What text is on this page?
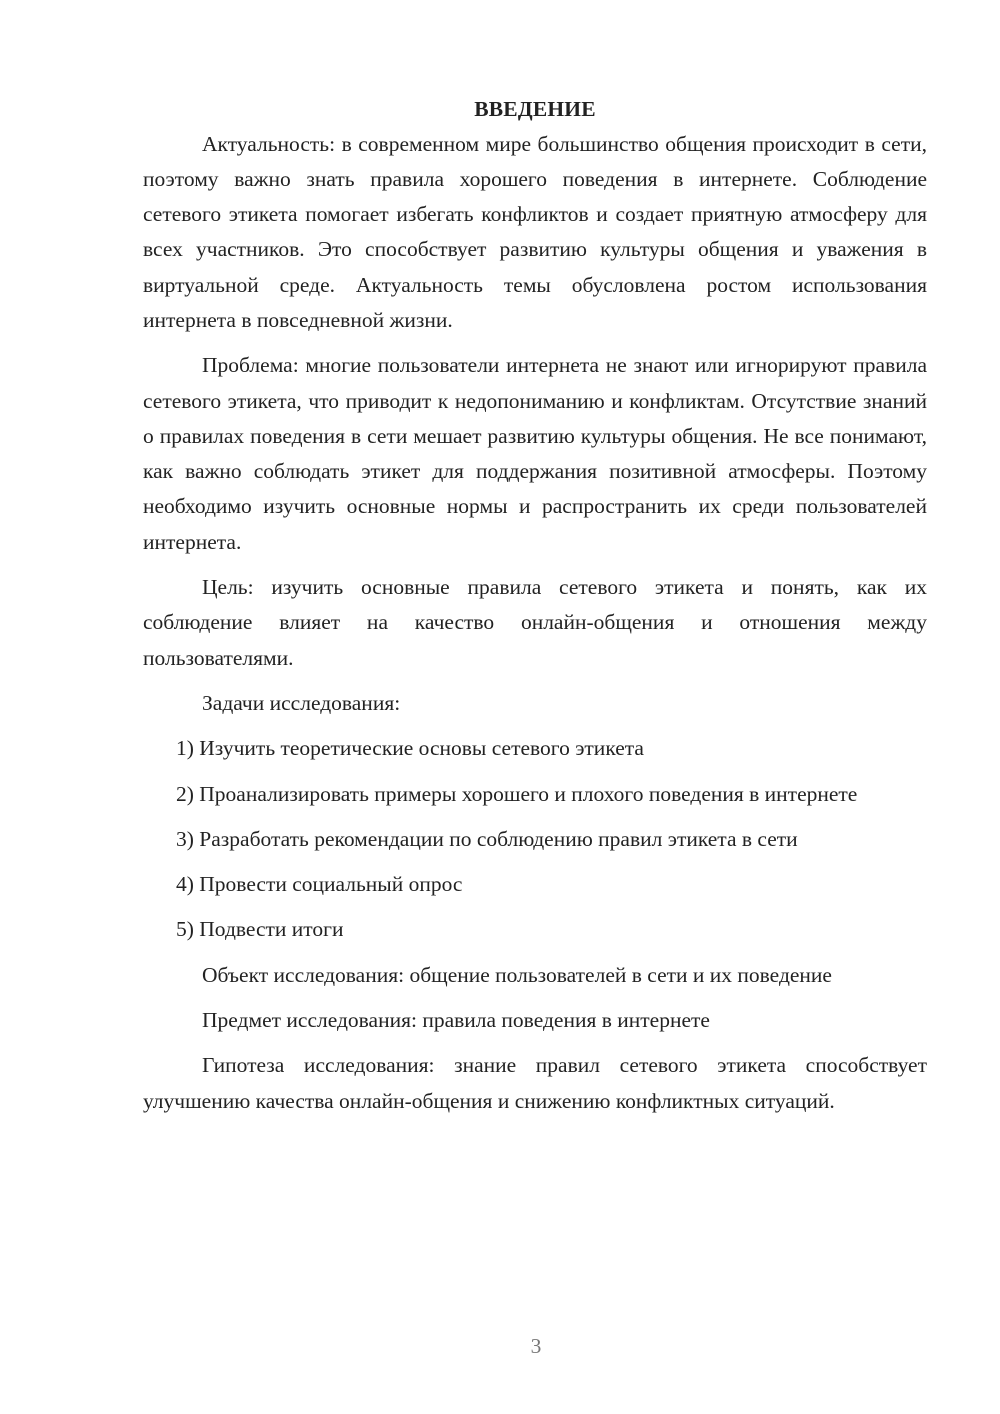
ВВЕДЕНИЕ

Актуальность: в современном мире большинство общения происходит в сети, поэтому важно знать правила хорошего поведения в интернете. Соблюдение сетевого этикета помогает избегать конфликтов и создает приятную атмосферу для всех участников. Это способствует развитию культуры общения и уважения в виртуальной среде. Актуальность темы обусловлена ростом использования интернета в повседневной жизни.

Проблема: многие пользователи интернета не знают или игнорируют правила сетевого этикета, что приводит к недопониманию и конфликтам. Отсутствие знаний о правилах поведения в сети мешает развитию культуры общения. Не все понимают, как важно соблюдать этикет для поддержания позитивной атмосферы. Поэтому необходимо изучить основные нормы и распространить их среди пользователей интернета.

Цель: изучить основные правила сетевого этикета и понять, как их соблюдение влияет на качество онлайн-общения и отношения между пользователями.

Задачи исследования:

1) Изучить теоретические основы сетевого этикета

2) Проанализировать примеры хорошего и плохого поведения в интернете

3) Разработать рекомендации по соблюдению правил этикета в сети

4) Провести социальный опрос

5) Подвести итоги

Объект исследования: общение пользователей в сети и их поведение

Предмет исследования: правила поведения в интернете

Гипотеза исследования: знание правил сетевого этикета способствует улучшению качества онлайн-общения и снижению конфликтных ситуаций.

3
